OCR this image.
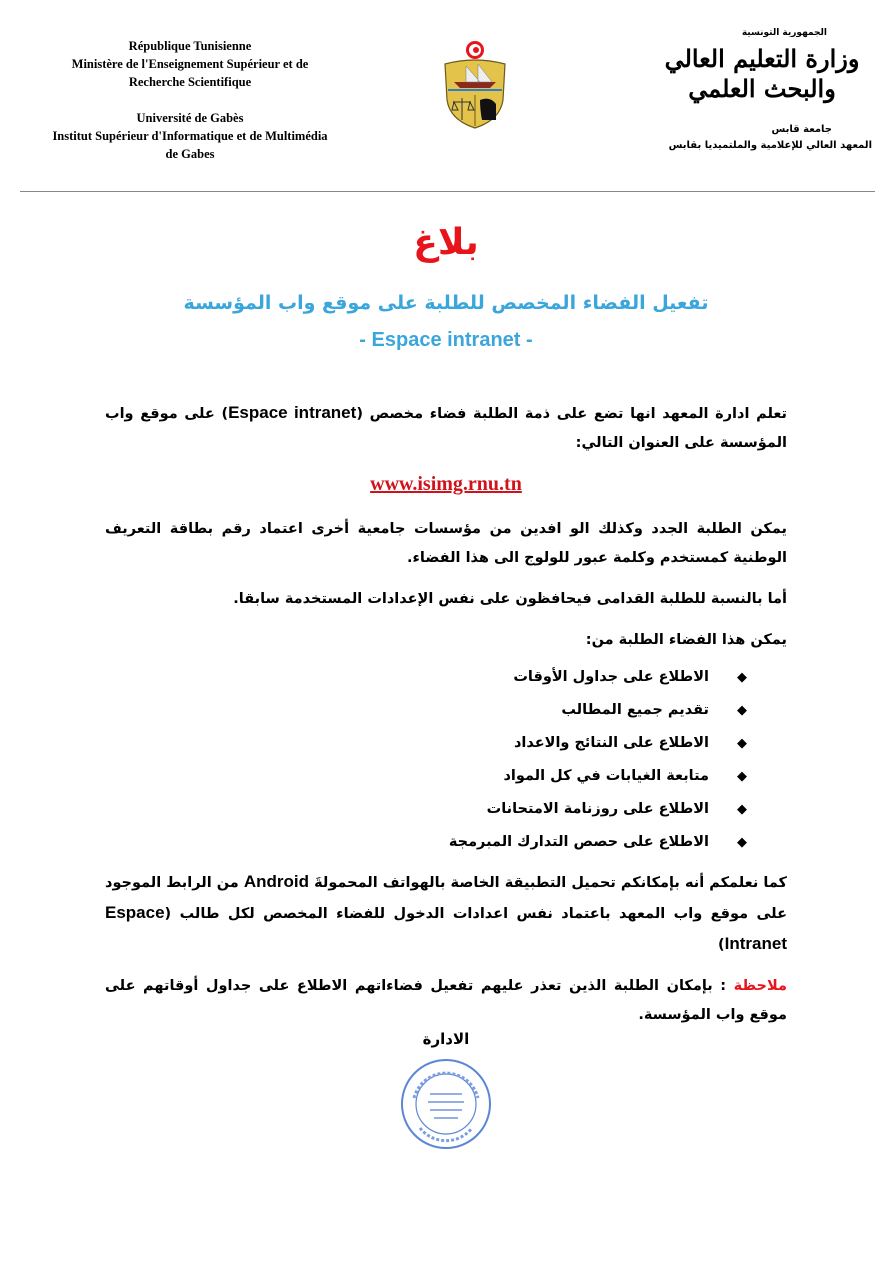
République Tunisienne
Ministère de l'Enseignement Supérieur et de
Recherche Scientifique
Université de Gabès
Institut Supérieur d'Informatique et de Multimédia
de Gabes
الجمهورية التونسية
وزارة التعليم العالي
والبحث العلمي
جامعة قابس
المعهد العالي للإعلامية والملتميديا بقابس
بلاغ
تفعيل الفضاء المخصص للطلبة على موقع واب المؤسسة
- Espace intranet -

تعلم ادارة المعهد انها تضع على ذمة الطلبة فضاء مخصص (Espace intranet) على موقع واب المؤسسة على العنوان التالي:

www.isimg.rnu.tn

يمكن الطلبة الجدد وكذلك الو افدين من مؤسسات جامعية أخرى اعتماد رقم بطاقة التعريف الوطنية كمستخدم وكلمة عبور للولوج الى هذا الفضاء.

أما بالنسبة للطلبة القدامى فيحافظون على نفس الإعدادات المستخدمة سابقا.

يمكن هذا الفضاء الطلبة من:

◆الاطلاع على جداول الأوقات
◆تقديم جميع المطالب
◆الاطلاع على النتائج والاعداد
◆متابعة الغيابات في كل المواد
◆الاطلاع على روزنامة الامتحانات
◆الاطلاع على حصص التدارك المبرمجة

كما نعلمكم أنه بإمكانكم تحميل التطبيقة الخاصة بالهواتف المحمولةَ Android من الرابط الموجود على موقع واب المعهد باعتماد نفس اعدادات الدخول للفضاء المخصص لكل طالب (Espace Intranet)

ملاحظة : بإمكان الطلبة الذين تعذر عليهم تفعيل فضاءاتهم الاطلاع على جداول أوقاتهم على موقع واب المؤسسة.

الادارة
